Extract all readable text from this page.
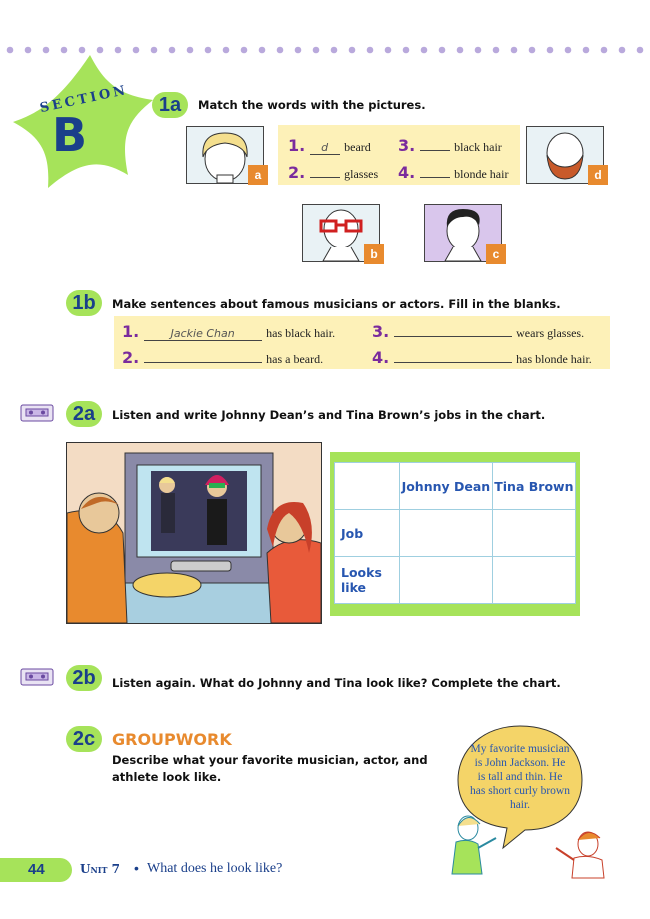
SECTION
B
1a	Match the words with the pictures.
a
1. d beard
2.	glasses
3.	black hair
4.	blonde hair	d
b	c
1b	Make sentences about famous musicians or actors. Fill in the blanks.
1.	Jackie Chan	has black hair.
2.	has a beard.
3.	wears glasses.
4.	has blonde hair.
2a	Listen and write Johnny Dean’s and Tina Brown’s jobs in the chart.
	Johnny Dean	Tina Brown
Job		
Looks like		
2b	Listen again. What do Johnny and Tina look like? Complete the chart.
2c	GROUPWORK
Describe what your favorite musician, actor, and athlete look like.
My favorite musician is John Jackson. He is tall and thin. He has short curly brown hair.
44	Unit 7 • What does he look like?
